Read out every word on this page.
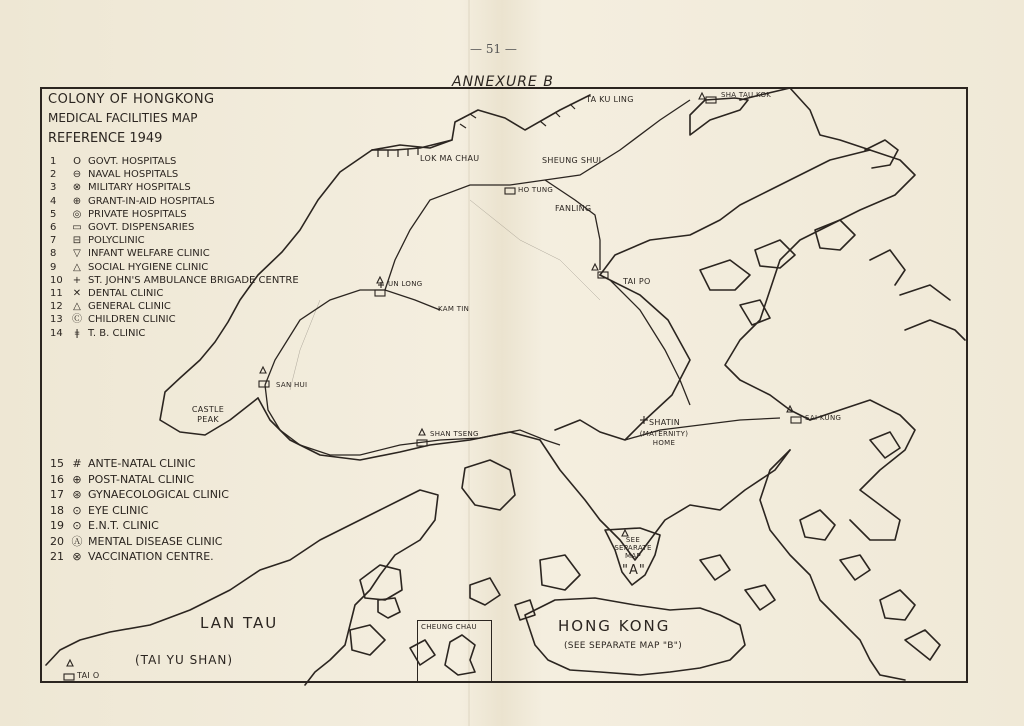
— 51 —
ANNEXURE B
COLONY OF HONGKONG
MEDICAL FACILITIES MAP
REFERENCE 1949
1	O GOVT. HOSPITALS
2	⊖ NAVAL HOSPITALS
3	⊗ MILITARY HOSPITALS
4	⊕ GRANT-IN-AID HOSPITALS
5	◎ PRIVATE HOSPITALS
6	▭ GOVT. DISPENSARIES
7	⊟ POLYCLINIC
8	▽ INFANT WELFARE CLINIC
9	△ SOCIAL HYGIENE CLINIC
10	+ ST. JOHN'S AMBULANCE BRIGADE CENTRE
11	✕ DENTAL CLINIC
12	△ GENERAL CLINIC
13 Ⓒ CHILDREN CLINIC
14	ǂ T. B. CLINIC
15 # ANTE-NATAL CLINIC
16 ⊕ POST-NATAL CLINIC
17 ⊛ GYNAECOLOGICAL CLINIC
18 ⊙ EYE CLINIC
19 ⊙ E.N.T. CLINIC
20 Ⓐ MENTAL DISEASE CLINIC
21 ⊗ VACCINATION CENTRE.
TA KU LING	SHA TAU KOK
LOK MA CHAU	SHEUNG SHUI
HO TUNG
FANLING
UN LONG
KAM TIN
TAI PO
SAN HUI
CASTLE PEAK	SHATIN
(MATERNITY) HOME
SHAN TSENG
SAI KUNG
SEE SEPARATE MAP
"A"
LAN TAU
(TAI YU SHAN)
CHEUNG CHAU	HONG KONG
(SEE SEPARATE MAP "B")
TAI O
